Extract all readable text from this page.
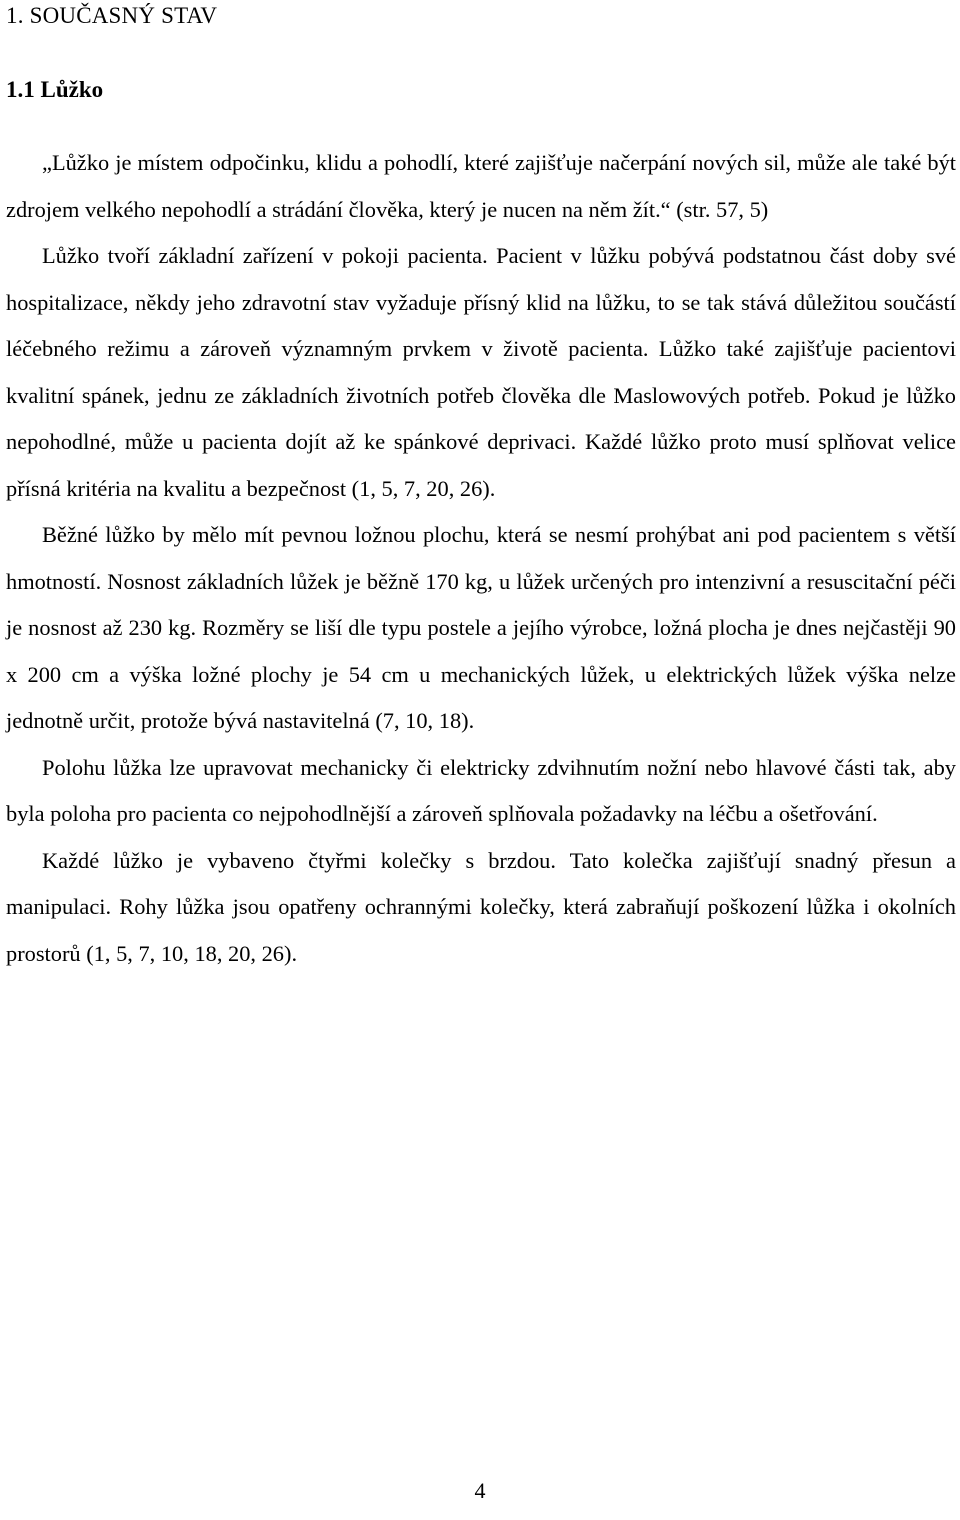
1. SOUČASNÝ STAV
1.1 Lůžko

„Lůžko je místem odpočinku, klidu a pohodlí, které zajišťuje načerpání nových sil, může ale také být zdrojem velkého nepohodlí a strádání člověka, který je nucen na něm žít.“ (str. 57, 5)

Lůžko tvoří základní zařízení v pokoji pacienta. Pacient v lůžku pobývá podstatnou část doby své hospitalizace, někdy jeho zdravotní stav vyžaduje přísný klid na lůžku, to se tak stává důležitou součástí léčebného režimu a zároveň významným prvkem v životě pacienta. Lůžko také zajišťuje pacientovi kvalitní spánek, jednu ze základních životních potřeb člověka dle Maslowových potřeb. Pokud je lůžko nepohodlné, může u pacienta dojít až ke spánkové deprivaci. Každé lůžko proto musí splňovat velice přísná kritéria na kvalitu a bezpečnost (1, 5, 7, 20, 26).

Běžné lůžko by mělo mít pevnou ložnou plochu, která se nesmí prohýbat ani pod pacientem s větší hmotností. Nosnost základních lůžek je běžně 170 kg, u lůžek určených pro intenzivní a resuscitační péči je nosnost až 230 kg. Rozměry se liší dle typu postele a jejího výrobce, ložná plocha je dnes nejčastěji 90 x 200 cm a výška ložné plochy je 54 cm u mechanických lůžek, u elektrických lůžek výška nelze jednotně určit, protože bývá nastavitelná (7, 10, 18).

Polohu lůžka lze upravovat mechanicky či elektricky zdvihnutím nožní nebo hlavové části tak, aby byla poloha pro pacienta co nejpohodlnější a zároveň splňovala požadavky na léčbu a ošetřování.

Každé lůžko je vybaveno čtyřmi kolečky s brzdou. Tato kolečka zajišťují snadný přesun a manipulaci. Rohy lůžka jsou opatřeny ochrannými kolečky, která zabraňují poškození lůžka i okolních prostorů (1, 5, 7, 10, 18, 20, 26).

4
